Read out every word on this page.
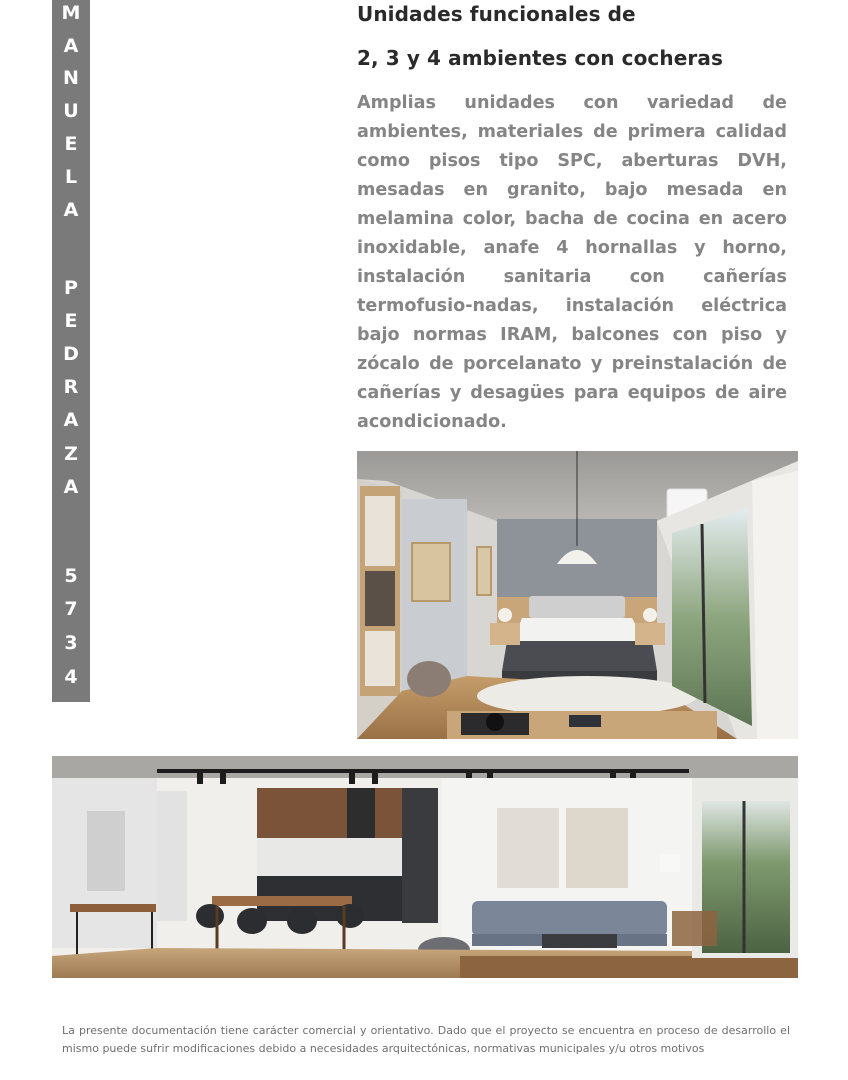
M
A
N
U
E
L
A
P
E
D
R
A
Z
A
5
7
3
4
Unidades funcionales de
2, 3 y 4 ambientes con cocheras

Amplias unidades con variedad de ambientes, materiales de primera calidad como pisos tipo SPC, aberturas DVH, mesadas en granito, bajo mesada en melamina color, bacha de cocina en acero inoxidable, anafe 4 hornallas y horno, instalación sanitaria con cañerías termofusio-nadas, instalación eléctrica bajo normas IRAM, balcones con piso y zócalo de porcelanato y preinstalación de cañerías y desagües para equipos de aire acondicionado.

La presente documentación tiene carácter comercial y orientativo. Dado que el proyecto se encuentra en proceso de desarrollo el mismo puede sufrir modificaciones debido a necesidades arquitectónicas, normativas municipales y/u otros motivos
